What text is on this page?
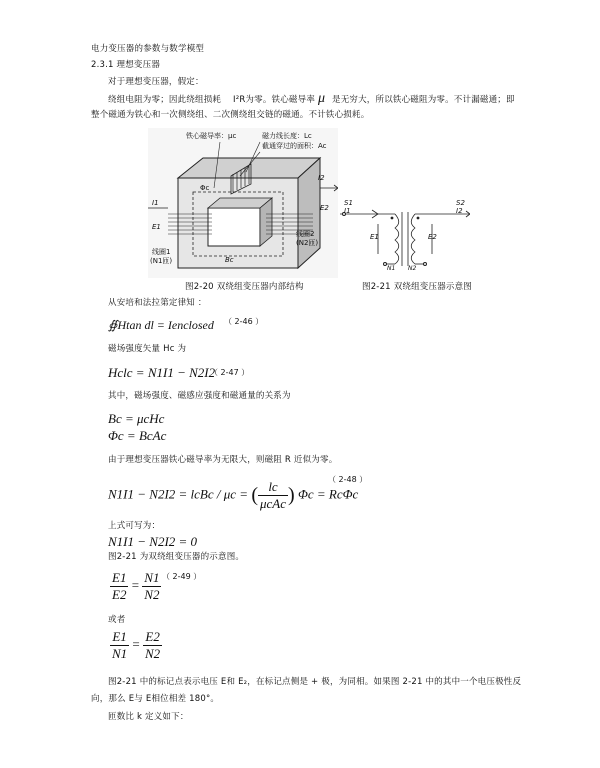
电力变压器的参数与数学模型
2.3.1 理想变压器
对于理想变压器，假定：
绕组电阻为零；因此绕组损耗 I²R为零。铁心磁导率 μ 是无穷大，所以铁心磁阻为零。不计漏磁通；即
整个磁通为铁心和一次侧绕组、二次侧绕组交链的磁通。不计铁心损耗。
铁心磁导率：μc	磁力线长度：Lc
截通穿过的面积：Ac
Φc
I1
E1
线圈1
(N1匝)
I2
E2
线圈2
(N2匝)
Bc
S1
I1
S2
I2
E1	E2
N1 N2
图2-20 双绕组变压器内部结构	图2-21 双绕组变压器示意图
从安培和法拉第定律知 ：
∯Htan dl = Ienclosed （ 2-46 ）
磁场强度矢量 Hc 为
Hclc = N1I1 − N2I2
（ 2-47 ）
其中，磁场强度、磁感应强度和磁通量的关系为
Bc = μcHc
Φc = BcAc
由于理想变压器铁心磁导率为无限大，则磁阻 R 近似为零。
（ 2-48 ）
N1I1 − N2I2 = lcBc / μc = ( $\frac{lc}{\text{μcAc}}$ ) Φc = RcΦc
上式可写为：
N1I1 − N2I2 = 0
图2-21 为双绕组变压器的示意图。
$\frac{E1}{E2} = \frac{N1}{N2}$ （ 2-49 ）
或者
$\frac{E1}{N1} = \frac{E2}{N2}$
图2-21 中的标记点表示电压 E和 E₂，在标记点侧是 + 极，为同相。如果图 2-21 中的其中一个电压极性反
向，那么 E与 E相位相差 180°。
匝数比 k 定义如下：
